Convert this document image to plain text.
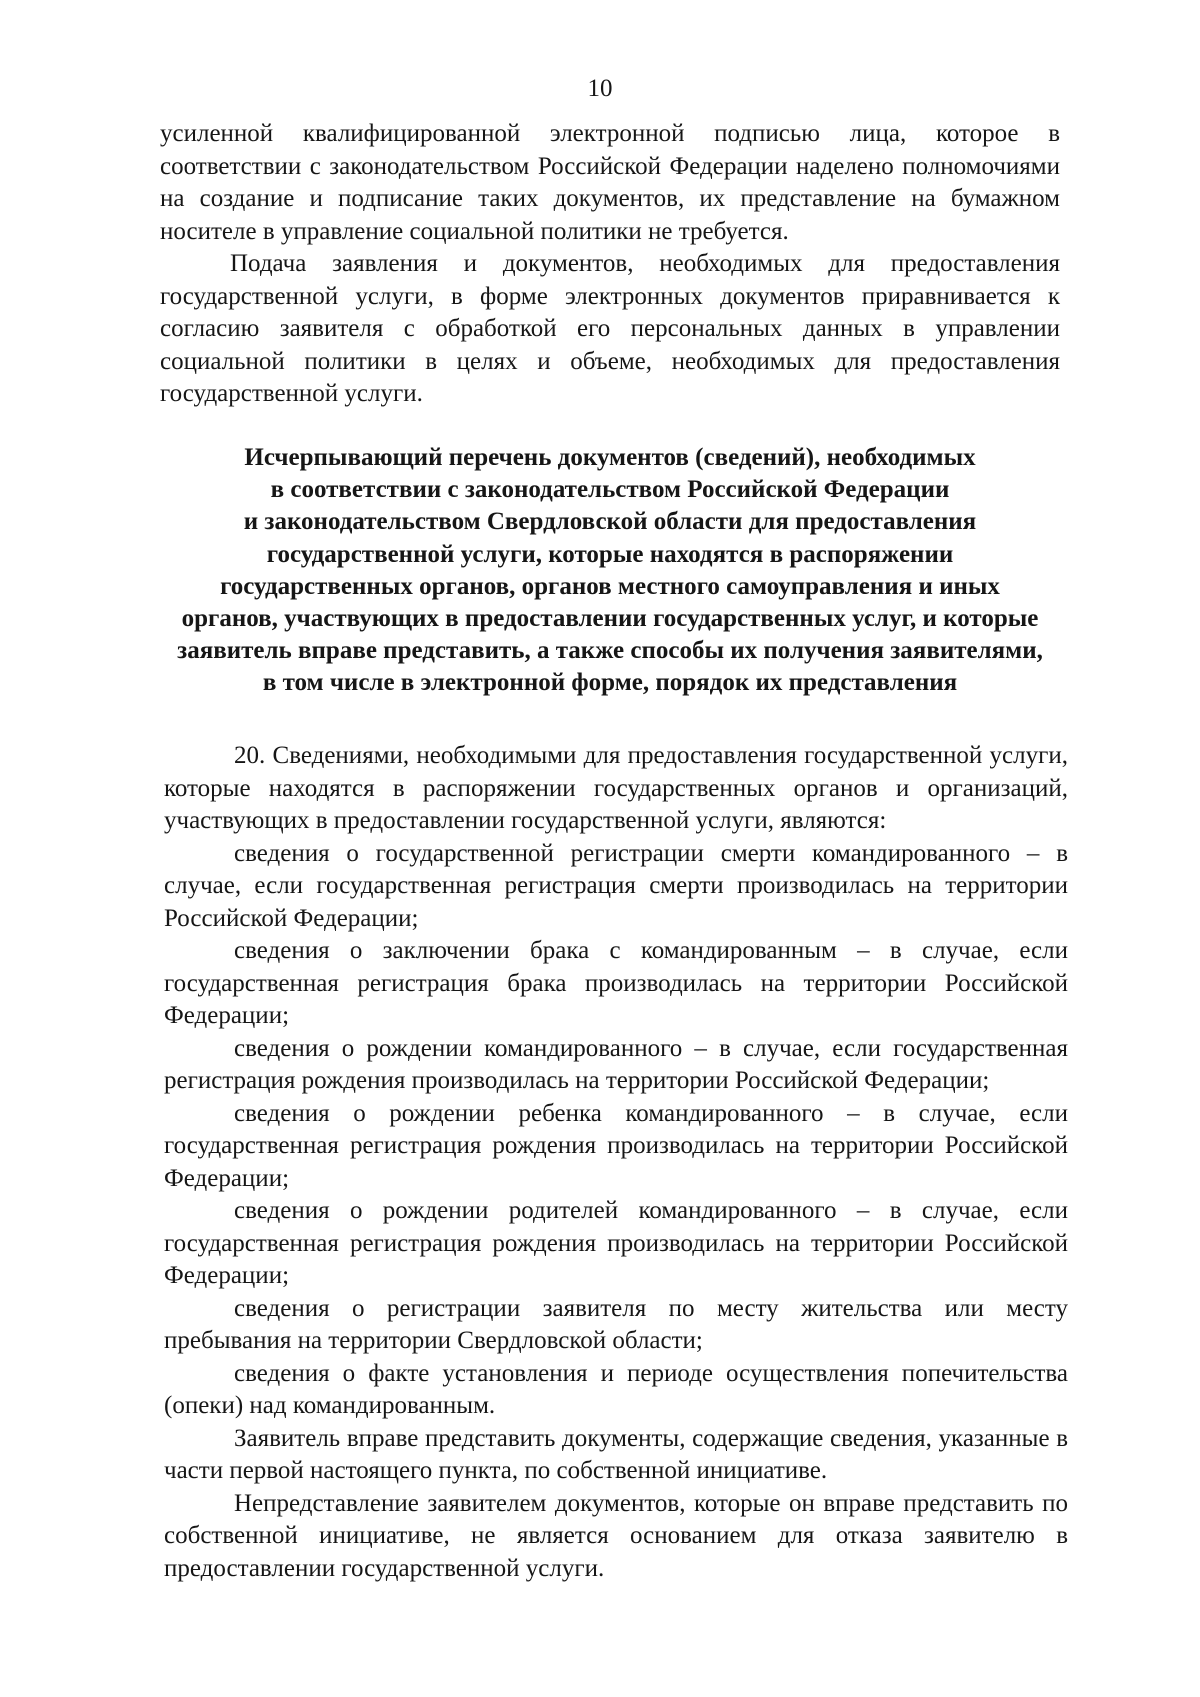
10

усиленной квалифицированной электронной подписью лица, которое в соответствии с законодательством Российской Федерации наделено полномочиями на создание и подписание таких документов, их представление на бумажном носителе в управление социальной политики не требуется.

Подача заявления и документов, необходимых для предоставления государственной услуги, в форме электронных документов приравнивается к согласию заявителя с обработкой его персональных данных в управлении социальной политики в целях и объеме, необходимых для предоставления государственной услуги.

Исчерпывающий перечень документов (сведений), необходимых
в соответствии с законодательством Российской Федерации
и законодательством Свердловской области для предоставления
государственной услуги, которые находятся в распоряжении
государственных органов, органов местного самоуправления и иных
органов, участвующих в предоставлении государственных услуг, и которые
заявитель вправе представить, а также способы их получения заявителями,
в том числе в электронной форме, порядок их представления

20. Сведениями, необходимыми для предоставления государственной услуги, которые находятся в распоряжении государственных органов и организаций, участвующих в предоставлении государственной услуги, являются:

сведения о государственной регистрации смерти командированного – в случае, если государственная регистрация смерти производилась на территории Российской Федерации;

сведения о заключении брака с командированным – в случае, если государственная регистрация брака производилась на территории Российской Федерации;

сведения о рождении командированного – в случае, если государственная регистрация рождения производилась на территории Российской Федерации;

сведения о рождении ребенка командированного – в случае, если государственная регистрация рождения производилась на территории Российской Федерации;

сведения о рождении родителей командированного – в случае, если государственная регистрация рождения производилась на территории Российской Федерации;

сведения о регистрации заявителя по месту жительства или месту пребывания на территории Свердловской области;

сведения о факте установления и периоде осуществления попечительства (опеки) над командированным.

Заявитель вправе представить документы, содержащие сведения, указанные в части первой настоящего пункта, по собственной инициативе.

Непредставление заявителем документов, которые он вправе представить по собственной инициативе, не является основанием для отказа заявителю в предоставлении государственной услуги.
